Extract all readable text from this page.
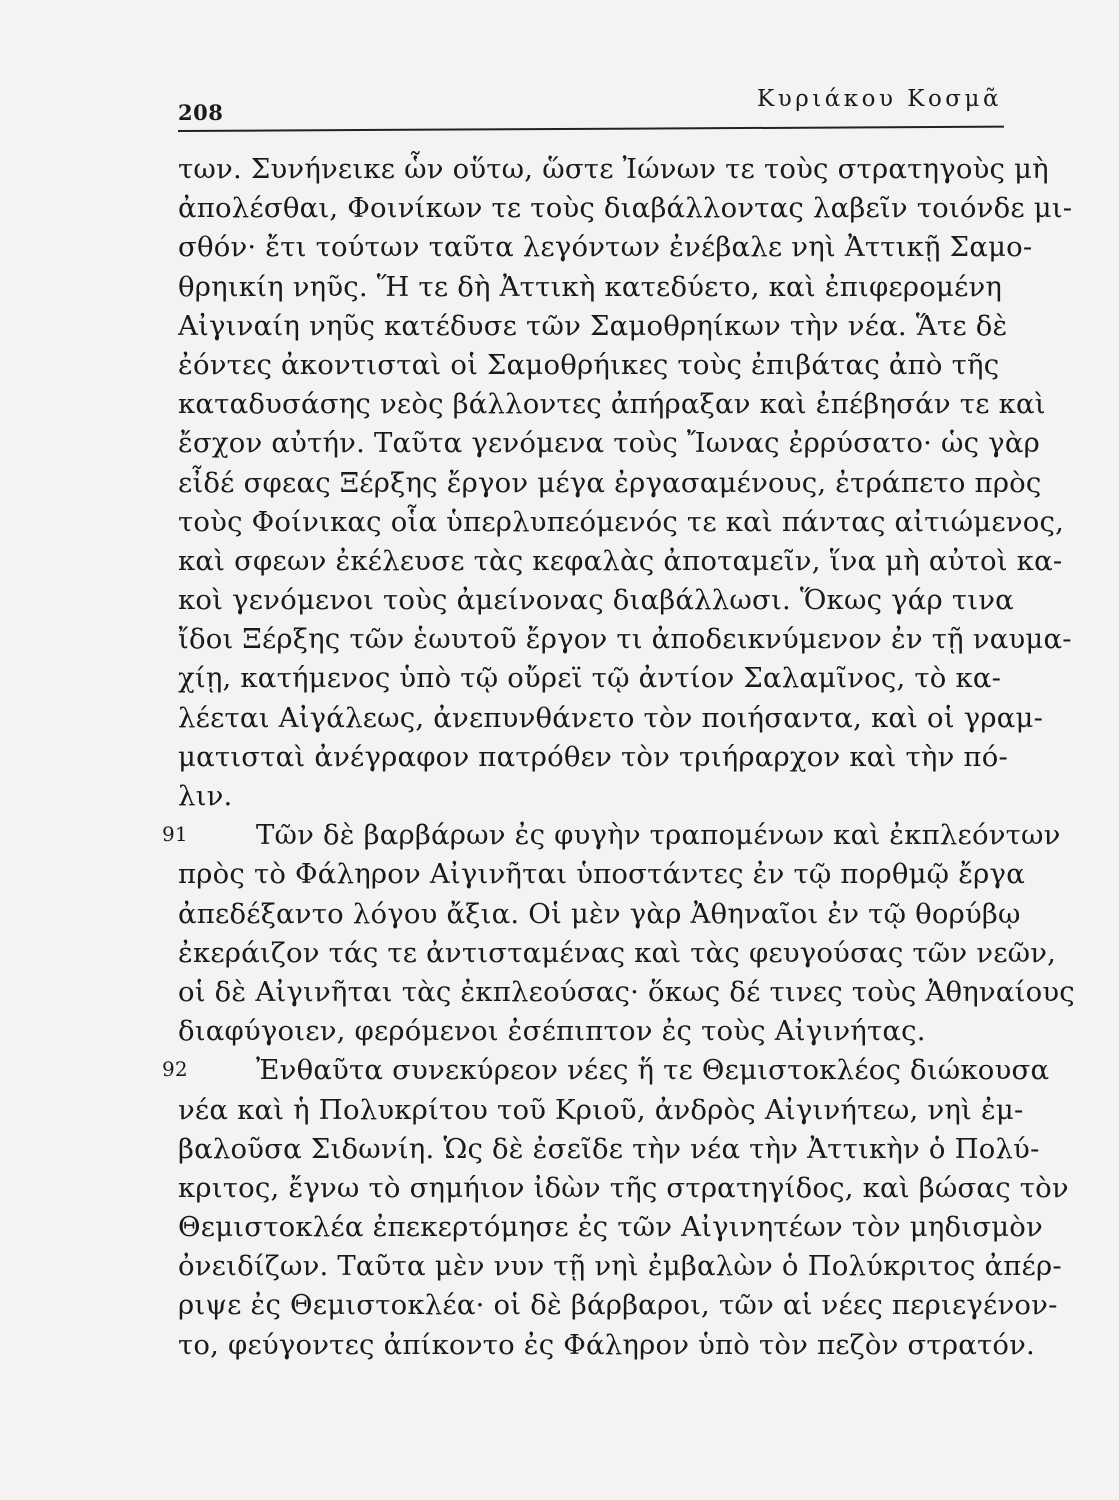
208
Κυριάκου Κοσμᾶ
των. Συνήνεικε ὧν οὕτω, ὥστε Ἰώνων τε τοὺς στρατηγοὺς μὴ
ἀπολέσθαι, Φοινίκων τε τοὺς διαβάλλοντας λαβεῖν τοιόνδε μι-
σθόν· ἔτι τούτων ταῦτα λεγόντων ἐνέβαλε νηὶ Ἀττικῇ Σαμο-
θρηικίη νηῦς. Ἥ τε δὴ Ἀττικὴ κατεδύετο, καὶ ἐπιφερομένη
Αἰγιναίη νηῦς κατέδυσε τῶν Σαμοθρηίκων τὴν νέα. Ἅτε δὲ
ἐόντες ἀκοντισταὶ οἱ Σαμοθρήικες τοὺς ἐπιβάτας ἀπὸ τῆς
καταδυσάσης νεὸς βάλλοντες ἀπήραξαν καὶ ἐπέβησάν τε καὶ
ἔσχον αὐτήν. Ταῦτα γενόμενα τοὺς Ἴωνας ἐρρύσατο· ὡς γὰρ
εἶδέ σφεας Ξέρξης ἔργον μέγα ἐργασαμένους, ἐτράπετο πρὸς
τοὺς Φοίνικας οἷα ὑπερλυπεόμενός τε καὶ πάντας αἰτιώμενος,
καὶ σφεων ἐκέλευσε τὰς κεφαλὰς ἀποταμεῖν, ἵνα μὴ αὐτοὶ κα-
κοὶ γενόμενοι τοὺς ἀμείνονας διαβάλλωσι. Ὅκως γάρ τινα
ἴδοι Ξέρξης τῶν ἑωυτοῦ ἔργον τι ἀποδεικνύμενον ἐν τῇ ναυμα-
χίῃ, κατήμενος ὑπὸ τῷ οὔρεϊ τῷ ἀντίον Σαλαμῖνος, τὸ κα-
λέεται Αἰγάλεως, ἀνεπυνθάνετο τὸν ποιήσαντα, καὶ οἱ γραμ-
ματισταὶ ἀνέγραφον πατρόθεν τὸν τριήραρχον καὶ τὴν πό-
λιν.
91 Τῶν δὲ βαρβάρων ἐς φυγὴν τραπομένων καὶ ἐκπλεόντων
πρὸς τὸ Φάληρον Αἰγινῆται ὑποστάντες ἐν τῷ πορθμῷ ἔργα
ἀπεδέξαντο λόγου ἄξια. Οἱ μὲν γὰρ Ἀθηναῖοι ἐν τῷ θορύβῳ
ἐκεράιζον τάς τε ἀντισταμένας καὶ τὰς φευγούσας τῶν νεῶν,
οἱ δὲ Αἰγινῆται τὰς ἐκπλεούσας· ὅκως δέ τινες τοὺς Ἀθηναίους
διαφύγοιεν, φερόμενοι ἐσέπιπτον ἐς τοὺς Αἰγινήτας.
92 Ἐνθαῦτα συνεκύρεον νέες ἥ τε Θεμιστοκλέος διώκουσα
νέα καὶ ἡ Πολυκρίτου τοῦ Κριοῦ, ἀνδρὸς Αἰγινήτεω, νηὶ ἐμ-
βαλοῦσα Σιδωνίη. Ὡς δὲ ἐσεῖδε τὴν νέα τὴν Ἀττικὴν ὁ Πολύ-
κριτος, ἔγνω τὸ σημήιον ἰδὼν τῆς στρατηγίδος, καὶ βώσας τὸν
Θεμιστοκλέα ἐπεκερτόμησε ἐς τῶν Αἰγινητέων τὸν μηδισμὸν
ὀνειδίζων. Ταῦτα μὲν νυν τῇ νηὶ ἐμβαλὼν ὁ Πολύκριτος ἀπέρ-
ριψε ἐς Θεμιστοκλέα· οἱ δὲ βάρβαροι, τῶν αἱ νέες περιεγένον-
το, φεύγοντες ἀπίκοντο ἐς Φάληρον ὑπὸ τὸν πεζὸν στρατόν.
